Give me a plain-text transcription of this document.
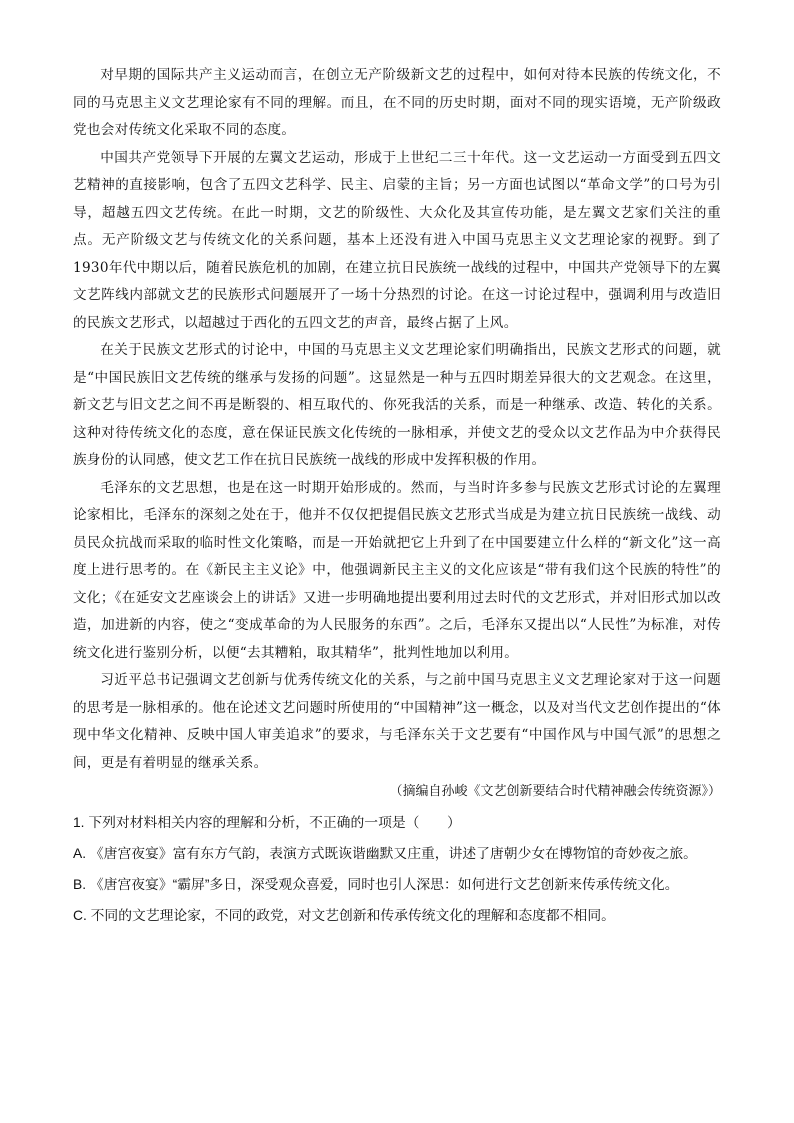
对早期的国际共产主义运动而言，在创立无产阶级新文艺的过程中，如何对待本民族的传统文化，不同的马克思主义文艺理论家有不同的理解。而且，在不同的历史时期，面对不同的现实语境，无产阶级政党也会对传统文化采取不同的态度。

中国共产党领导下开展的左翼文艺运动，形成于上世纪二三十年代。这一文艺运动一方面受到五四文艺精神的直接影响，包含了五四文艺科学、民主、启蒙的主旨；另一方面也试图以“革命文学”的口号为引导，超越五四文艺传统。在此一时期，文艺的阶级性、大众化及其宣传功能，是左翼文艺家们关注的重点。无产阶级文艺与传统文化的关系问题，基本上还没有进入中国马克思主义文艺理论家的视野。到了1930年代中期以后，随着民族危机的加剧，在建立抗日民族统一战线的过程中，中国共产党领导下的左翼文艺阵线内部就文艺的民族形式问题展开了一场十分热烈的讨论。在这一讨论过程中，强调利用与改造旧的民族文艺形式，以超越过于西化的五四文艺的声音，最终占据了上风。

在关于民族文艺形式的讨论中，中国的马克思主义文艺理论家们明确指出，民族文艺形式的问题，就是“中国民族旧文艺传统的继承与发扬的问题”。这显然是一种与五四时期差异很大的文艺观念。在这里，新文艺与旧文艺之间不再是断裂的、相互取代的、你死我活的关系，而是一种继承、改造、转化的关系。这种对待传统文化的态度，意在保证民族文化传统的一脉相承，并使文艺的受众以文艺作品为中介获得民族身份的认同感，使文艺工作在抗日民族统一战线的形成中发挥积极的作用。

毛泽东的文艺思想，也是在这一时期开始形成的。然而，与当时许多参与民族文艺形式讨论的左翼理论家相比，毛泽东的深刻之处在于，他并不仅仅把提倡民族文艺形式当成是为建立抗日民族统一战线、动员民众抗战而采取的临时性文化策略，而是一开始就把它上升到了在中国要建立什么样的“新文化”这一高度上进行思考的。在《新民主主义论》中，他强调新民主主义的文化应该是“带有我们这个民族的特性”的文化；《在延安文艺座谈会上的讲话》又进一步明确地提出要利用过去时代的文艺形式，并对旧形式加以改造，加进新的内容，使之“变成革命的为人民服务的东西”。之后，毛泽东又提出以“人民性”为标准，对传统文化进行鉴别分析，以便“去其糟粕，取其精华”，批判性地加以利用。

习近平总书记强调文艺创新与优秀传统文化的关系，与之前中国马克思主义文艺理论家对于这一问题的思考是一脉相承的。他在论述文艺问题时所使用的“中国精神”这一概念，以及对当代文艺创作提出的“体现中华文化精神、反映中国人审美追求”的要求，与毛泽东关于文艺要有“中国作风与中国气派”的思想之间，更是有着明显的继承关系。

（摘编自孙峻《文艺创新要结合时代精神融会传统资源》）

1. 下列对材料相关内容的理解和分析，不正确的一项是（　　）

A. 《唐宫夜宴》富有东方气韵，表演方式既诙谐幽默又庄重，讲述了唐朝少女在博物馆的奇妙夜之旅。

B. 《唐宫夜宴》“霸屏”多日，深受观众喜爱，同时也引人深思：如何进行文艺创新来传承传统文化。

C. 不同的文艺理论家，不同的政党，对文艺创新和传承传统文化的理解和态度都不相同。
